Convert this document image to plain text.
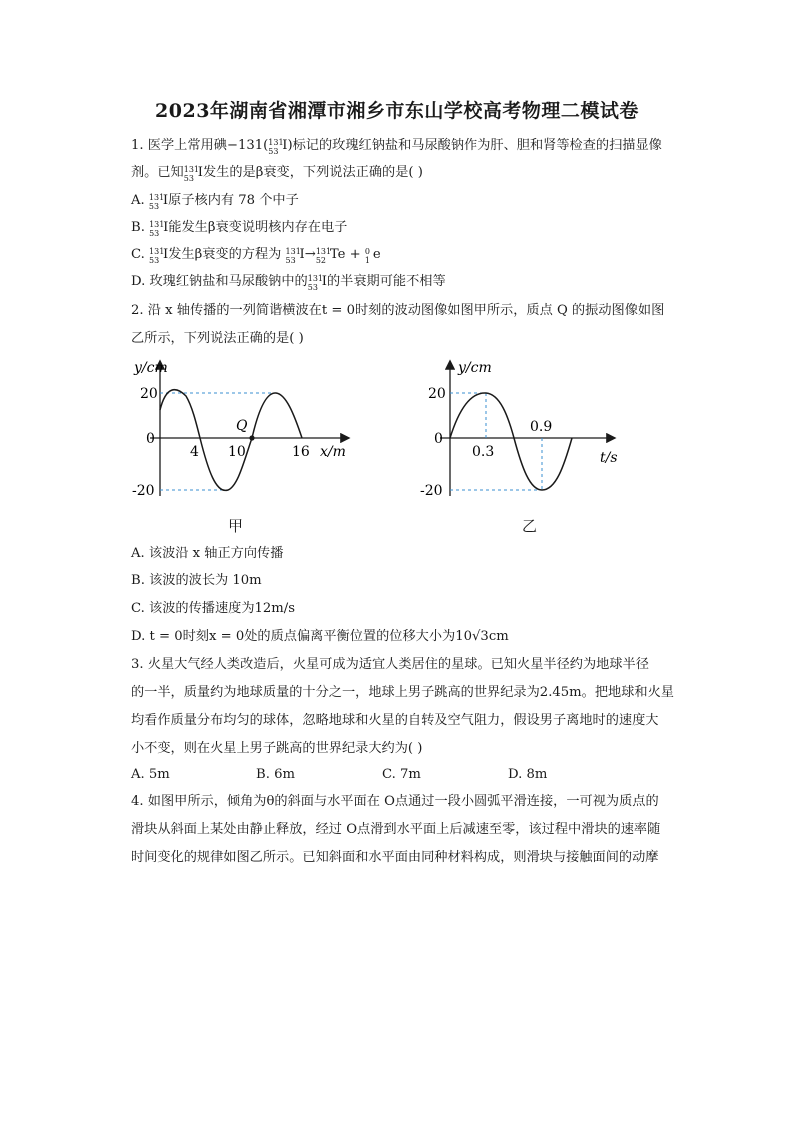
2023年湖南省湘潭市湘乡市东山学校高考物理二模试卷
1. 医学上常用碘−131( 131
53 I)标记的玫瑰红钠盐和马尿酸钠作为肝、胆和肾等检查的扫描显像
剂。已知 131
53 I发生的是β衰变，下列说法正确的是( )
A. 131
53 I原子核内有 78 个中子
B. 131
53 I能发生β衰变说明核内存在电子
C. 131
53 I发生β衰变的方程为 131
53 I→ 131
52 Te + 0
1 e
D. 玫瑰红钠盐和马尿酸钠中的 131
53 I的半衰期可能不相等
2. 沿 x 轴传播的一列简谐横波在t = 0时刻的波动图像如图甲所示，质点 Q 的振动图像如图
乙所示，下列说法正确的是( )
y/cm
20
0
-20
4 10	16
Q
x/m
甲
y/cm
20
0
-20
0.3
0.9
t/s
乙
A. 该波沿 x 轴正方向传播
B. 该波的波长为 10m
C. 该波的传播速度为12m/s
D. t = 0时刻x = 0处的质点偏离平衡位置的位移大小为10√3cm
3. 火星大气经人类改造后，火星可成为适宜人类居住的星球。已知火星半径约为地球半径
的一半，质量约为地球质量的十分之一，地球上男子跳高的世界纪录为2.45m。把地球和火星
均看作质量分布均匀的球体，忽略地球和火星的自转及空气阻力，假设男子离地时的速度大
小不变，则在火星上男子跳高的世界纪录大约为( )
A. 5m	B. 6m	C. 7m	D. 8m
4. 如图甲所示，倾角为θ的斜面与水平面在 O点通过一段小圆弧平滑连接，一可视为质点的
滑块从斜面上某处由静止释放，经过 O点滑到水平面上后减速至零，该过程中滑块的速率随
时间变化的规律如图乙所示。已知斜面和水平面由同种材料构成，则滑块与接触面间的动摩
